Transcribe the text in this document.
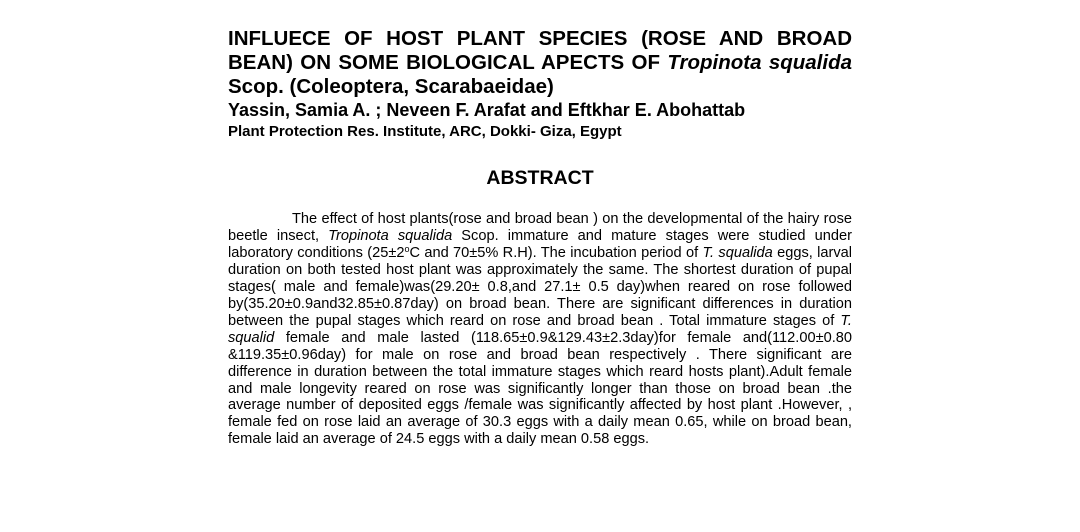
INFLUECE OF HOST PLANT SPECIES (ROSE AND BROAD BEAN) ON SOME BIOLOGICAL APECTS OF Tropinota squalida Scop. (Coleoptera, Scarabaeidae)
Yassin, Samia A. ; Neveen F. Arafat and Eftkhar E. Abohattab
Plant Protection Res. Institute, ARC, Dokki- Giza, Egypt
ABSTRACT

The effect of host plants(rose and broad bean ) on the developmental of the hairy rose beetle insect, Tropinota squalida Scop. immature and mature stages were studied under laboratory conditions ($25\pm 2^oC$ and 70±5% R.H). The incubation period of T. squalida eggs, larval duration on both tested host plant was approximately the same. The shortest duration of pupal stages( male and female)was(29.20± 0.8,and 27.1± 0.5 day)when reared on rose followed by(35.20±0.9and32.85±0.87day) on broad bean. There are significant differences in duration between the pupal stages which reard on rose and broad bean . Total immature stages of T. squalid female and male lasted (118.65±0.9&129.43±2.3day)for female and(112.00±0.80 &119.35±0.96day) for male on rose and broad bean respectively . There significant are difference in duration between the total immature stages which reard hosts plant).Adult female and male longevity reared on rose was significantly longer than those on broad bean .the average number of deposited eggs /female was significantly affected by host plant .However, , female fed on rose laid an average of 30.3 eggs with a daily mean 0.65, while on broad bean, female laid an average of 24.5 eggs with a daily mean 0.58 eggs.
